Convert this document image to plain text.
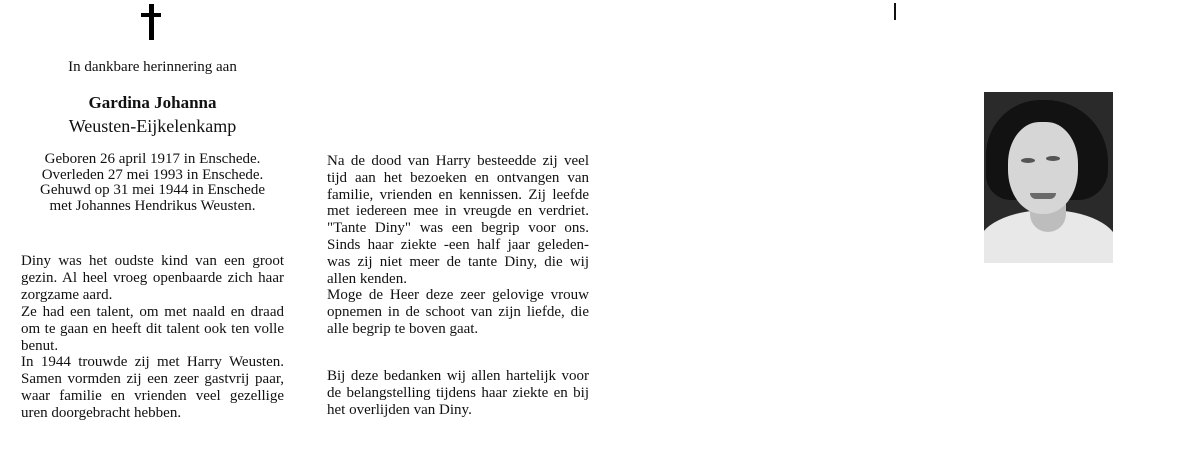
In dankbare herinnering aan
Gardina Johanna
Weusten-Eijkelenkamp
Geboren 26 april 1917 in Enschede.
Overleden 27 mei 1993 in Enschede.
Gehuwd op 31 mei 1944 in Enschede
met Johannes Hendrikus Weusten.

Diny was het oudste kind van een groot gezin. Al heel vroeg openbaarde zich haar zorgzame aard.

Ze had een talent, om met naald en draad om te gaan en heeft dit talent ook ten volle benut.

In 1944 trouwde zij met Harry Weusten. Samen vormden zij een zeer gastvrij paar, waar familie en vrienden veel gezellige uren doorgebracht hebben.

Na de dood van Harry besteedde zij veel tijd aan het bezoeken en ontvangen van familie, vrienden en kennissen. Zij leefde met iedereen mee in vreugde en verdriet. "Tante Diny" was een begrip voor ons. Sinds haar ziekte -een half jaar geleden- was zij niet meer de tante Diny, die wij allen kenden.

Moge de Heer deze zeer gelovige vrouw opnemen in de schoot van zijn liefde, die alle begrip te boven gaat.

Bij deze bedanken wij allen hartelijk voor de belangstelling tijdens haar ziekte en bij het overlijden van Diny.
